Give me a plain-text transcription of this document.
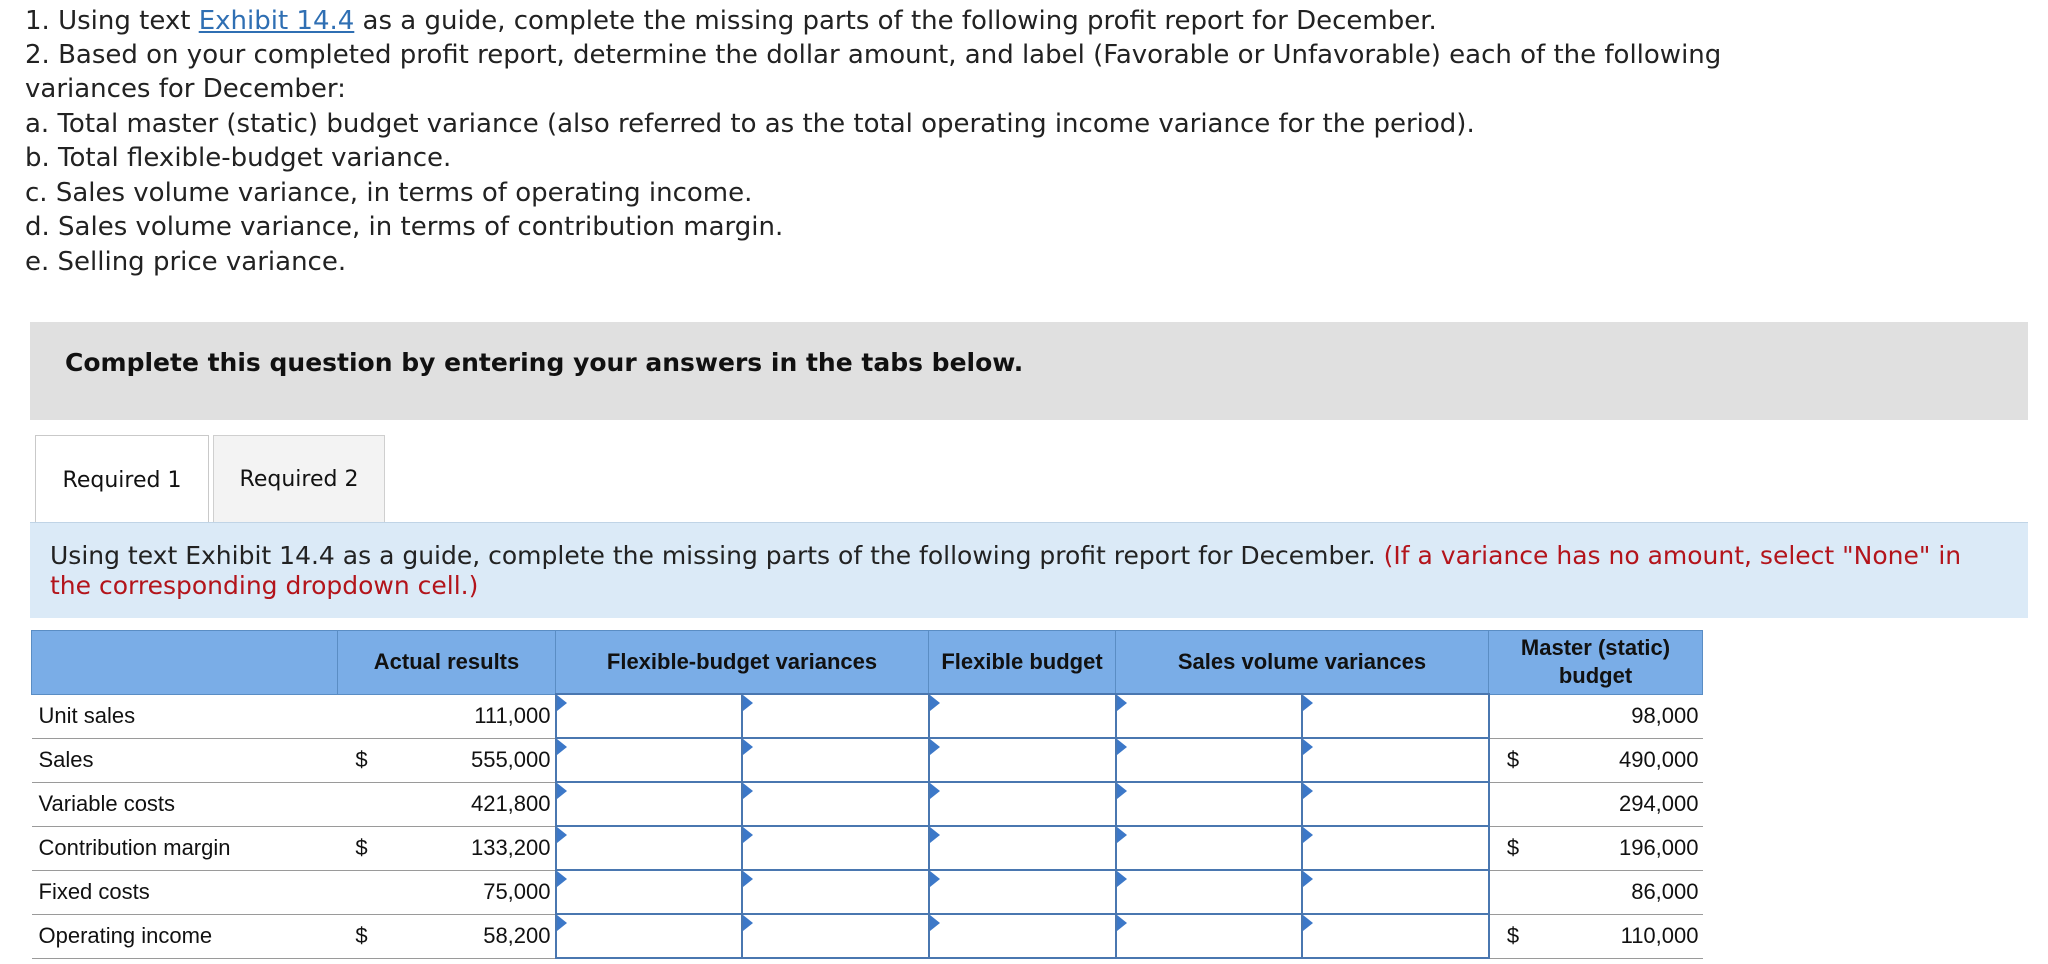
1. Using text Exhibit 14.4 as a guide, complete the missing parts of the following profit report for December.
2. Based on your completed profit report, determine the dollar amount, and label (Favorable or Unfavorable) each of the following
variances for December:
a. Total master (static) budget variance (also referred to as the total operating income variance for the period).
b. Total flexible-budget variance.
c. Sales volume variance, in terms of operating income.
d. Sales volume variance, in terms of contribution margin.
e. Selling price variance.
Complete this question by entering your answers in the tabs below.
Required 1	Required 2
Using text Exhibit 14.4 as a guide, complete the missing parts of the following profit report for December. (If a variance has no amount, select "None" in the corresponding dropdown cell.)
	Actual results		Flexible-budget variances		Flexible budget	Sales volume variances		Master (static) budget	
Unit sales		111,000							98,000
Sales	$	555,000						$	490,000
Variable costs		421,800							294,000
Contribution margin	$	133,200						$	196,000
Fixed costs		75,000							86,000
Operating income	$	58,200						$	110,000
